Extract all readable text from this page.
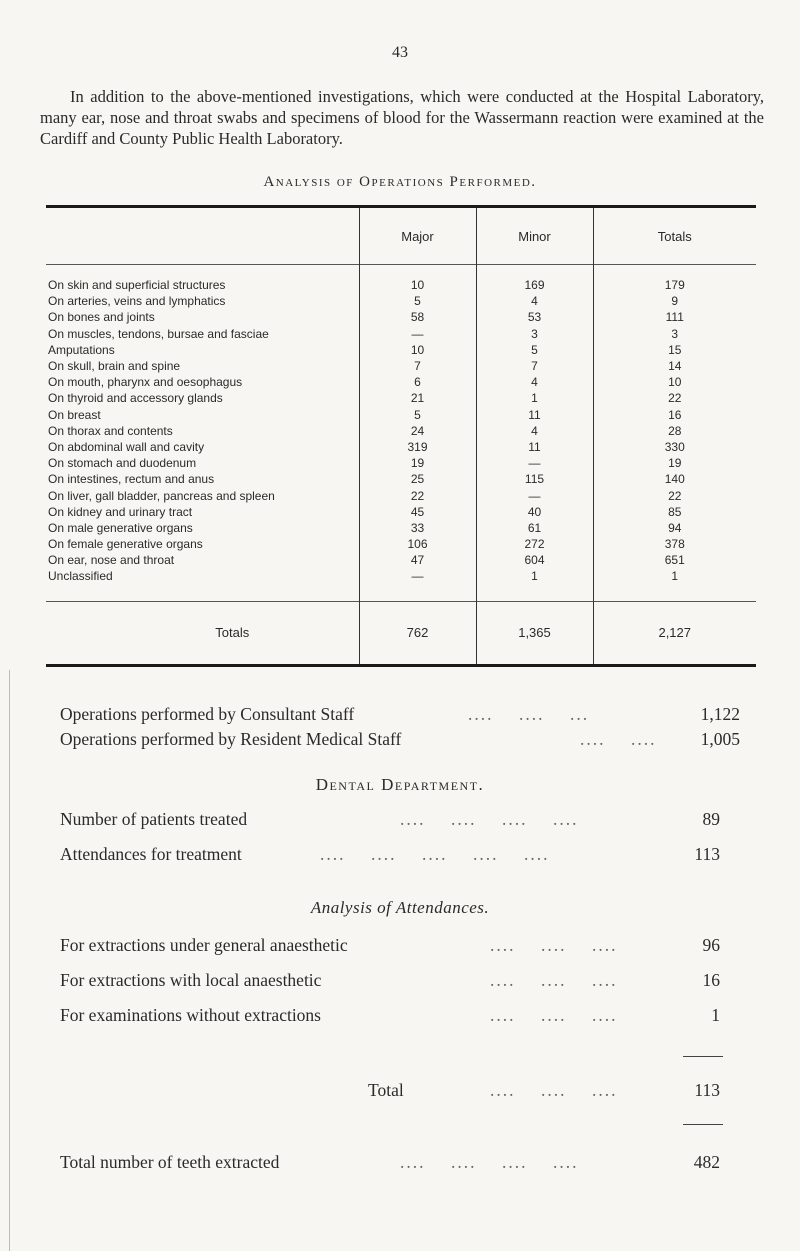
43

In addition to the above-mentioned investigations, which were conducted at the Hospital Laboratory, many ear, nose and throat swabs and specimens of blood for the Wassermann reaction were examined at the Cardiff and County Public Health Laboratory.

Analysis of Operations Performed.
	Major	Minor	Totals
On skin and superficial structures	10	169	179
On arteries, veins and lymphatics	5	4	9
On bones and joints	58	53	111
On muscles, tendons, bursae and fasciae	—	3	3
Amputations	10	5	15
On skull, brain and spine	7	7	14
On mouth, pharynx and oesophagus	6	4	10
On thyroid and accessory glands	21	1	22
On breast	5	11	16
On thorax and contents	24	4	28
On abdominal wall and cavity	319	11	330
On stomach and duodenum	19	—	19
On intestines, rectum and anus	25	115	140
On liver, gall bladder, pancreas and spleen	22	—	22
On kidney and urinary tract	45	40	85
On male generative organs	33	61	94
On female generative organs	106	272	378
On ear, nose and throat	47	604	651
Unclassified	—	1	1

Totals	762	1,365	2,127
Operations performed by Consultant Staff	....    ....    ...	1,122
Operations performed by Resident Medical Staff	....    ....	1,005
Dental Department.
Number of patients treated	....    ....    ....    ....	89
Attendances for treatment	....    ....    ....    ....    ....	113
Analysis of Attendances.
For extractions under general anaesthetic	....    ....    ....	96
For extractions with local anaesthetic	....    ....    ....	16
For examinations without extractions	....    ....    ....	1
Total	....    ....    ....	113
Total number of teeth extracted	....    ....    ....    ....	482
